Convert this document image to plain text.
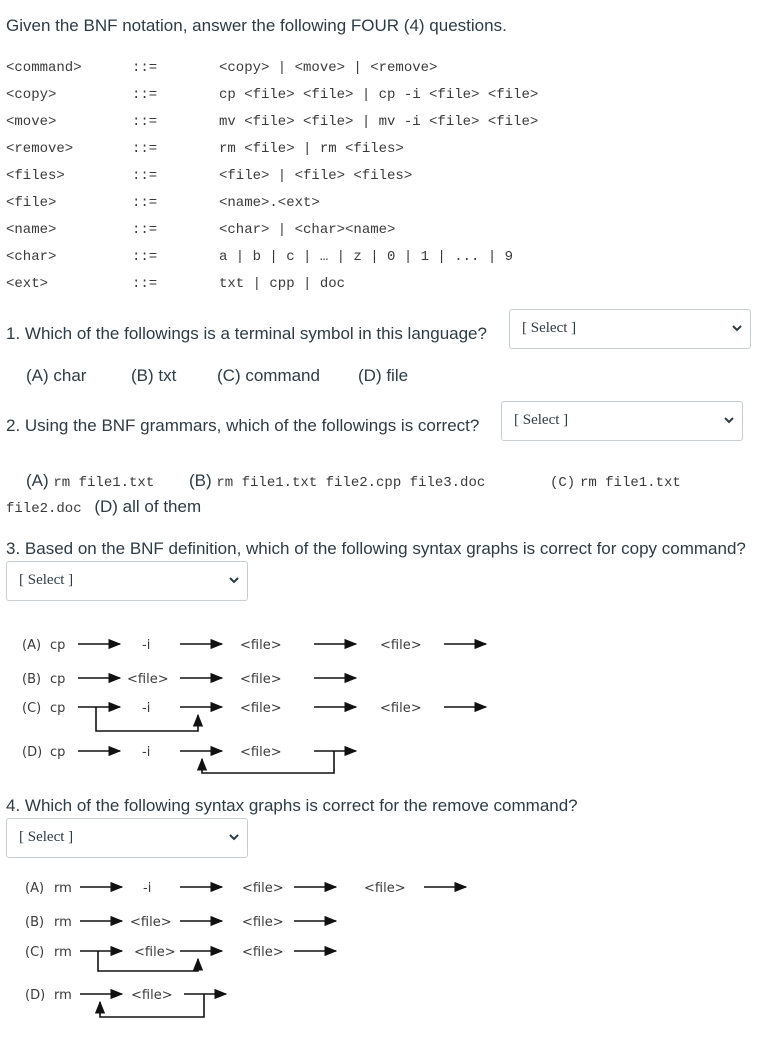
Given the BNF notation, answer the following FOUR (4) questions.
<command>	::=	<copy> | <move> | <remove>
<copy>	::=	cp <file> <file> | cp -i <file> <file>
<move>	::=	mv <file> <file> | mv -i <file> <file>
<remove>	::=	rm <file> | rm <files>
<files>	::=	<file> | <file> <files>
<file>	::=	<name>.<ext>
<name>	::=	<char> | <char><name>
<char>	::=	a | b | c | … | z | 0 | 1 | ... | 9
<ext>	::=	txt | cpp | doc
1. Which of the followings is a terminal symbol in this language? [ Select ]
(A) char	(B) txt (C) command (D) file
2. Using the BNF grammars, which of the followings is correct? [ Select ]
(A) rm file1.txt (B) rm file1.txt file2.cpp file3.doc	(C) rm file1.txt
file2.doc (D) all of them
3. Based on the BNF definition, which of the following syntax graphs is correct for copy command?
[ Select ]
(A) cp	-i	<file>	<file>
(B) cp	<file>	<file>
(C) cp	-i	<file>	<file>
(D) cp	-i	<file>
(A) rm	-i	<file>	<file>
(B) rm	<file>	<file>
(C) rm	<file>	<file>
(D) rm	<file>
4. Which of the following syntax graphs is correct for the remove command?
[ Select ]
